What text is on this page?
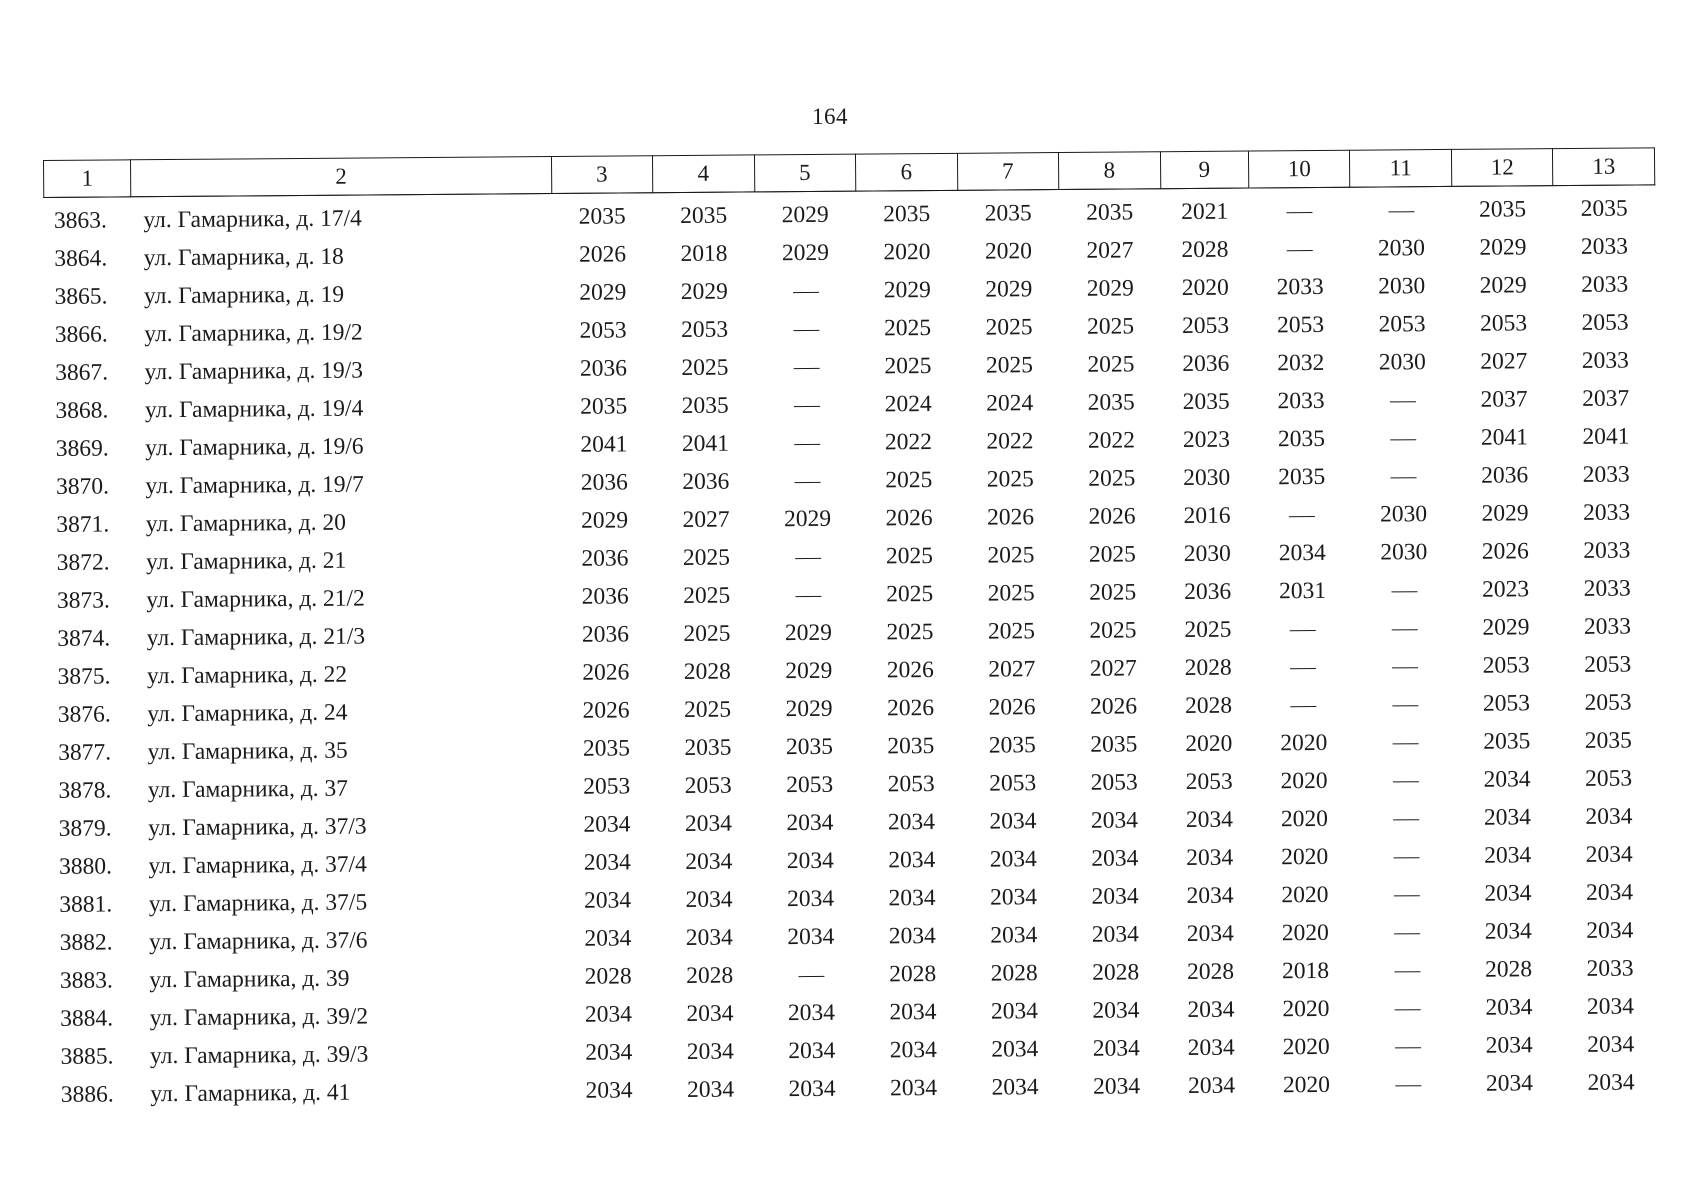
164
1	2	3	4	5	6	7	8	9	10	11	12	13
3863.	ул. Гамарника, д. 17/4	2035	2035	2029	2035	2035	2035	2021			2035	2035
3864.	ул. Гамарника, д. 18	2026	2018	2029	2020	2020	2027	2028		2030	2029	2033
3865.	ул. Гамарника, д. 19	2029	2029		2029	2029	2029	2020	2033	2030	2029	2033
3866.	ул. Гамарника, д. 19/2	2053	2053		2025	2025	2025	2053	2053	2053	2053	2053
3867.	ул. Гамарника, д. 19/3	2036	2025		2025	2025	2025	2036	2032	2030	2027	2033
3868.	ул. Гамарника, д. 19/4	2035	2035		2024	2024	2035	2035	2033		2037	2037
3869.	ул. Гамарника, д. 19/6	2041	2041		2022	2022	2022	2023	2035		2041	2041
3870.	ул. Гамарника, д. 19/7	2036	2036		2025	2025	2025	2030	2035		2036	2033
3871.	ул. Гамарника, д. 20	2029	2027	2029	2026	2026	2026	2016		2030	2029	2033
3872.	ул. Гамарника, д. 21	2036	2025		2025	2025	2025	2030	2034	2030	2026	2033
3873.	ул. Гамарника, д. 21/2	2036	2025		2025	2025	2025	2036	2031		2023	2033
3874.	ул. Гамарника, д. 21/3	2036	2025	2029	2025	2025	2025	2025			2029	2033
3875.	ул. Гамарника, д. 22	2026	2028	2029	2026	2027	2027	2028			2053	2053
3876.	ул. Гамарника, д. 24	2026	2025	2029	2026	2026	2026	2028			2053	2053
3877.	ул. Гамарника, д. 35	2035	2035	2035	2035	2035	2035	2020	2020		2035	2035
3878.	ул. Гамарника, д. 37	2053	2053	2053	2053	2053	2053	2053	2020		2034	2053
3879.	ул. Гамарника, д. 37/3	2034	2034	2034	2034	2034	2034	2034	2020		2034	2034
3880.	ул. Гамарника, д. 37/4	2034	2034	2034	2034	2034	2034	2034	2020		2034	2034
3881.	ул. Гамарника, д. 37/5	2034	2034	2034	2034	2034	2034	2034	2020		2034	2034
3882.	ул. Гамарника, д. 37/6	2034	2034	2034	2034	2034	2034	2034	2020		2034	2034
3883.	ул. Гамарника, д. 39	2028	2028		2028	2028	2028	2028	2018		2028	2033
3884.	ул. Гамарника, д. 39/2	2034	2034	2034	2034	2034	2034	2034	2020		2034	2034
3885.	ул. Гамарника, д. 39/3	2034	2034	2034	2034	2034	2034	2034	2020		2034	2034
3886.	ул. Гамарника, д. 41	2034	2034	2034	2034	2034	2034	2034	2020		2034	2034
